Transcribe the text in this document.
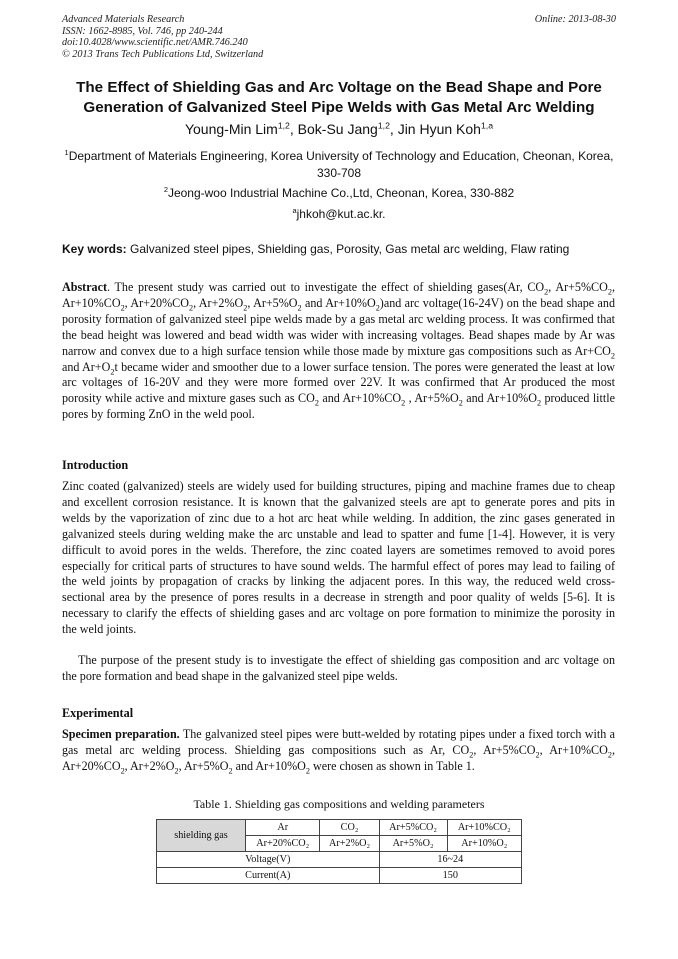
Advanced Materials Research
ISSN: 1662-8985, Vol. 746, pp 240-244
doi:10.4028/www.scientific.net/AMR.746.240
© 2013 Trans Tech Publications Ltd, Switzerland
Online: 2013-08-30
The Effect of Shielding Gas and Arc Voltage on the Bead Shape and Pore Generation of Galvanized Steel Pipe Welds with Gas Metal Arc Welding
Young-Min Lim$^{1,2}$, Bok-Su Jang$^{1,2}$, Jin Hyun Koh$^{1,a}$
$^1$Department of Materials Engineering, Korea University of Technology and Education, Cheonan, Korea, 330-708
$^2$Jeong-woo Industrial Machine Co.,Ltd, Cheonan, Korea, 330-882
$^a$jhkoh@kut.ac.kr.
Key words: Galvanized steel pipes, Shielding gas, Porosity, Gas metal arc welding, Flaw rating
Abstract. The present study was carried out to investigate the effect of shielding gases(Ar, $CO_2$, $Ar+5\%CO_2$, $Ar+10\%CO_2$, $Ar+20\%CO_2$, $Ar+2\%O_2$, $Ar+5\%O_2$ and $Ar+10\%O_2)and$ arc voltage(16-24V) on the bead shape and porosity formation of galvanized steel pipe welds made by a gas metal arc welding process. It was confirmed that the bead height was lowered and bead width was wider with increasing voltages. Bead shapes made by Ar was narrow and convex due to a high surface tension while those made by mixture gas compositions such as $Ar+CO_2$ and $Ar+O_2t$ became wider and smoother due to a lower surface tension. The pores were generated the least at low arc voltages of 16-20V and they were more formed over 22V. It was confirmed that Ar produced the most porosity while active and mixture gases such as $CO_2$ and $Ar+10\%CO_2$ , $Ar+5\%O_2$ and $Ar+10\%O_2$ produced little pores by forming ZnO in the weld pool.
Introduction
Zinc coated (galvanized) steels are widely used for building structures, piping and machine frames due to cheap and excellent corrosion resistance. It is known that the galvanized steels are apt to generate pores and pits in welds by the vaporization of zinc due to a hot arc heat while welding. In addition, the zinc gases generated in galvanized steels during welding make the arc unstable and lead to spatter and fume [1-4]. However, it is very difficult to avoid pores in the welds. Therefore, the zinc coated layers are sometimes removed to avoid pores especially for critical parts of structures to have sound welds. The harmful effect of pores may lead to failing of the weld joints by propagation of cracks by linking the adjacent pores. In this way, the reduced weld cross-sectional area by the presence of pores results in a decrease in strength and poor quality of welds [5-6]. It is necessary to clarify the effects of shielding gases and arc voltage on pore formation to minimize the porosity in the weld joints.
The purpose of the present study is to investigate the effect of shielding gas composition and arc voltage on the pore formation and bead shape in the galvanized steel pipe welds.
Experimental
Specimen preparation. The galvanized steel pipes were butt-welded by rotating pipes under a fixed torch with a gas metal arc welding process. Shielding gas compositions such as Ar, $CO_2$, $Ar+5\%CO_2$, $Ar+10\%CO_2$, $Ar+20\%CO_2$, $Ar+2\%O_2$, $Ar+5\%O_2$ and $Ar+10\%O_2$ were chosen as shown in Table 1.
Table 1. Shielding gas compositions and welding parameters
shielding gas	Ar	CO₂	Ar+5%CO₂	Ar+10%CO₂
	Ar+20%CO₂	Ar+2%O₂	Ar+5%O₂	Ar+10%O₂
Voltage(V)			16~24	
Current(A)			150	
